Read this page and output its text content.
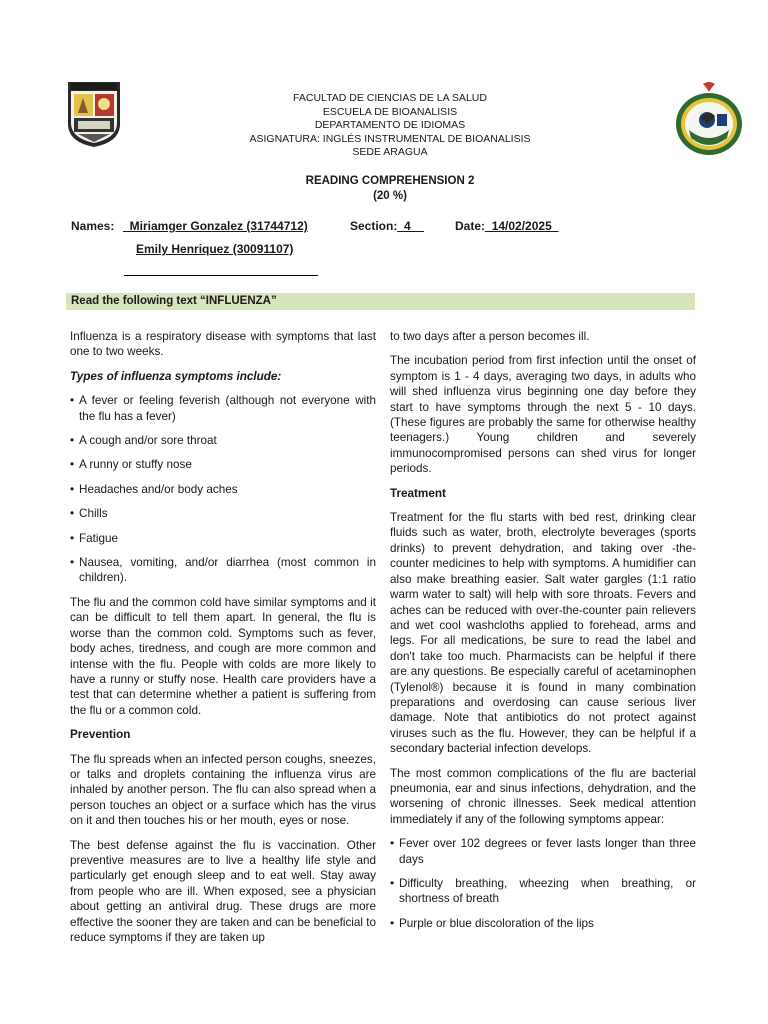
FACULTAD DE CIENCIAS DE LA SALUD
ESCUELA DE BIOANALISIS
DEPARTAMENTO DE IDIOMAS
ASIGNATURA: INGLÉS INSTRUMENTAL DE BIOANALISIS
SEDE ARAGUA
READING COMPREHENSION 2
(20 %)
Names: _Miriamger Gonzalez (31744712)	Section:_4__	Date:_14/02/2025_
Emily Henriquez (30091107)
Read the following text “INFLUENZA”

Influenza is a respiratory disease with symptoms that last one to two weeks.

Types of influenza symptoms include:

• A fever or feeling feverish (although not everyone with the flu has a fever)
• A cough and/or sore throat
• A runny or stuffy nose
• Headaches and/or body aches
• Chills
• Fatigue
• Nausea, vomiting, and/or diarrhea (most common in children).

The flu and the common cold have similar symptoms and it can be difficult to tell them apart. In general, the flu is worse than the common cold. Symptoms such as fever, body aches, tiredness, and cough are more common and intense with the flu. People with colds are more likely to have a runny or stuffy nose. Health care providers have a test that can determine whether a patient is suffering from the flu or a common cold.

Prevention

The flu spreads when an infected person coughs, sneezes, or talks and droplets containing the influenza virus are inhaled by another person. The flu can also spread when a person touches an object or a surface which has the virus on it and then touches his or her mouth, eyes or nose.

The best defense against the flu is vaccination. Other preventive measures are to live a healthy life style and particularly get enough sleep and to eat well. Stay away from people who are ill. When exposed, see a physician about getting an antiviral drug. These drugs are more effective the sooner they are taken and can be beneficial to reduce symptoms if they are taken up

to two days after a person becomes ill.

The incubation period from first infection until the onset of symptom is 1 - 4 days, averaging two days, in adults who will shed influenza virus beginning one day before they start to have symptoms through the next 5 - 10 days. (These figures are probably the same for otherwise healthy teenagers.) Young children and severely immunocompromised persons can shed virus for longer periods.

Treatment

Treatment for the flu starts with bed rest, drinking clear fluids such as water, broth, electrolyte beverages (sports drinks) to prevent dehydration, and taking over -the-counter medicines to help with symptoms. A humidifier can also make breathing easier. Salt water gargles (1:1 ratio warm water to salt) will help with sore throats. Fevers and aches can be reduced with over-the-counter pain relievers and wet cool washcloths applied to forehead, arms and legs. For all medications, be sure to read the label and don't take too much. Pharmacists can be helpful if there are any questions. Be especially careful of acetaminophen (Tylenol®) because it is found in many combination preparations and overdosing can cause serious liver damage. Note that antibiotics do not protect against viruses such as the flu. However, they can be helpful if a secondary bacterial infection develops.

The most common complications of the flu are bacterial pneumonia, ear and sinus infections, dehydration, and the worsening of chronic illnesses. Seek medical attention immediately if any of the following symptoms appear:

• Fever over 102 degrees or fever lasts longer than three days
• Difficulty breathing, wheezing when breathing, or shortness of breath
• Purple or blue discoloration of the lips
